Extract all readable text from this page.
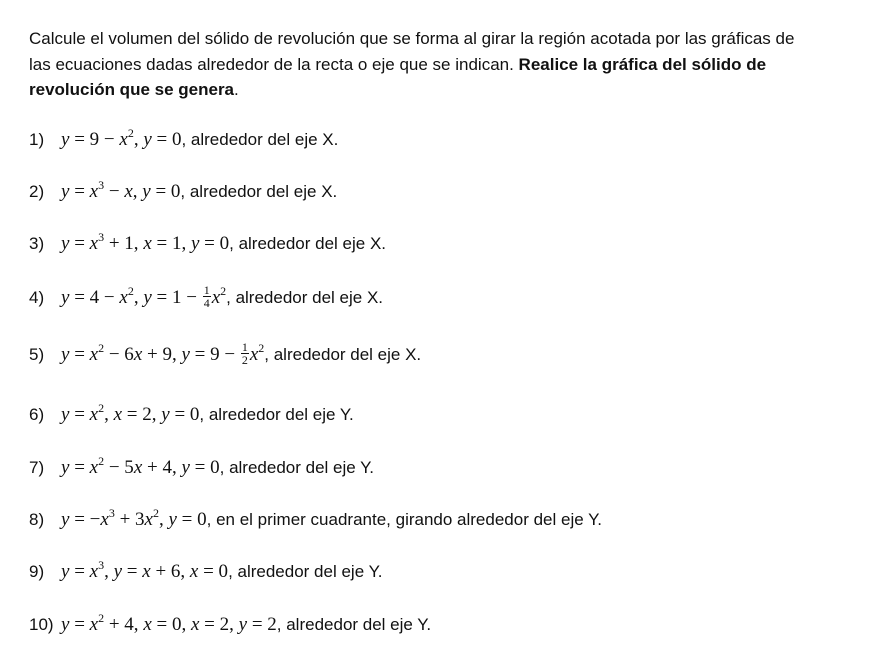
Calcule el volumen del sólido de revolución que se forma al girar la región acotada por las gráficas de
las ecuaciones dadas alrededor de la recta o eje que se indican. Realice la gráfica del sólido de
revolución que se genera.
1) $y = 9 - x^2$, y = 0, alrededor del eje X.
2) $y = x^3 - x$, y = 0, alrededor del eje X.
3) $y = x^3 + 1$, x = 1, y = 0, alrededor del eje X.
4) $y = 4 - x^2$, $y = 1 - \frac{1}{4} x^2$, alrededor del eje X.
5) $y = x^2 - 6x + 9$, $y = 9 - \frac{1}{2} x^2$, alrededor del eje X.
6) $y = x^2$, x = 2, y = 0, alrededor del eje Y.
7) $y = x^2 - 5x + 4$, y = 0, alrededor del eje Y.
8) $y = -x^3 + 3x^2$, y = 0, en el primer cuadrante, girando alrededor del eje Y.
9) $y = x^3$, y = x + 6, x = 0, alrededor del eje Y.
10) $y = x^2 + 4$, x = 0, x = 2, y = 2, alrededor del eje Y.
